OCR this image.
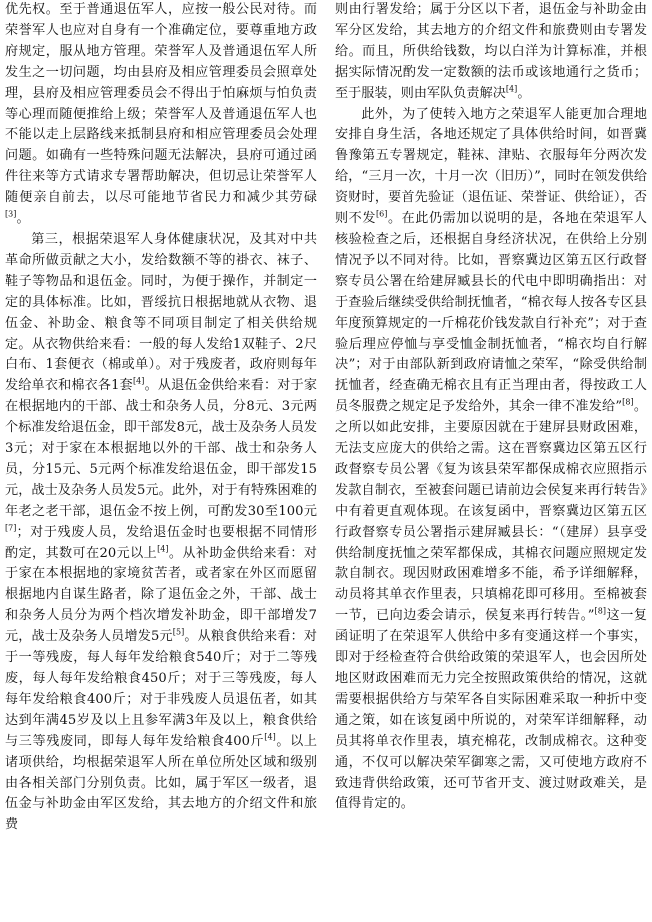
优先权。至于普通退伍军人，应按一般公民对待。而荣誉军人也应对自身有一个准确定位，要尊重地方政府规定，服从地方管理。荣誉军人及普通退伍军人所发生之一切问题，均由县府及相应管理委员会照章处理，县府及相应管理委员会不得出于怕麻烦与怕负责等心理而随便推给上级；荣誉军人及普通退伍军人也不能以走上层路线来抵制县府和相应管理委员会处理问题。如确有一些特殊问题无法解决，县府可通过函件往来等方式请求专署帮助解决，但切忌让荣誉军人随便亲自前去，以尽可能地节省民力和减少其劳碌[3]。

第三，根据荣退军人身体健康状况，及其对中共革命所做贡献之大小，发给数额不等的褂衣、袜子、鞋子等物品和退伍金。同时，为便于操作，并制定一定的具体标准。比如，晋绥抗日根据地就从衣物、退伍金、补助金、粮食等不同项目制定了相关供给规定。从衣物供给来看：一般的每人发给1双鞋子、2尺白布、1套便衣（棉或单）。对于残废者，政府则每年发给单衣和棉衣各1套[4]。从退伍金供给来看：对于家在根据地内的干部、战士和杂务人员，分8元、3元两个标准发给退伍金，即干部发8元，战士及杂务人员发3元；对于家在本根据地以外的干部、战士和杂务人员，分15元、5元两个标准发给退伍金，即干部发15元，战士及杂务人员发5元。此外，对于有特殊困难的年老之老干部，退伍金不按上例，可酌发30至100元[7]；对于残废人员，发给退伍金时也要根据不同情形酌定，其数可在20元以上[4]。从补助金供给来看：对于家在本根据地的家境贫苦者，或者家在外区而愿留根据地内自谋生路者，除了退伍金之外，干部、战士和杂务人员分为两个档次增发补助金，即干部增发7元，战士及杂务人员增发5元[5]。从粮食供给来看：对于一等残废，每人每年发给粮食540斤；对于二等残废，每人每年发给粮食450斤；对于三等残废，每人每年发给粮食400斤；对于非残废人员退伍者，如其达到年满45岁及以上且参军满3年及以上，粮食供给与三等残废同，即每人每年发给粮食400斤[4]。以上诸项供给，均根据荣退军人所在单位所处区域和级别由各相关部门分别负责。比如，属于军区一级者，退伍金与补助金由军区发给，其去地方的介绍文件和旅费

则由行署发给；属于分区以下者，退伍金与补助金由军分区发给，其去地方的介绍文件和旅费则由专署发给。而且，所供给钱数，均以白洋为计算标准，并根据实际情况酌发一定数额的法币或该地通行之货币；至于服装，则由军队负责解决[4]。

此外，为了使转入地方之荣退军人能更加合理地安排自身生活，各地还规定了具体供给时间，如晋冀鲁豫第五专署规定，鞋袜、津贴、衣服每年分两次发给，“三月一次，十月一次（旧历）”，同时在领发供给资财时，要首先验证（退伍证、荣誉证、供给证），否则不发[6]。在此仍需加以说明的是，各地在荣退军人核验检查之后，还根据自身经济状况，在供给上分别情况予以不同对待。比如，晋察冀边区第五区行政督察专员公署在给建屏臧县长的代电中即明确指出：对于查验后继续受供给制抚恤者，“棉衣每人按各专区县年度预算规定的一斤棉花价钱发款自行补充”；对于查验后理应停恤与享受恤金制抚恤者，“棉衣均自行解决”；对于由部队新到政府请恤之荣军，“除受供给制抚恤者，经查确无棉衣且有正当理由者，得按政工人员冬服费之规定足予发给外，其余一律不准发给”[8]。之所以如此安排，主要原因就在于建屏县财政困难，无法支应庞大的供给之需。这在晋察冀边区第五区行政督察专员公署《复为该县荣军都保成棉衣应照指示发款自制衣，至被套问题已请前边会侯复来再行转告》中有着更直观体现。在该复函中，晋察冀边区第五区行政督察专员公署指示建屏臧县长：“（建屏）县享受供给制度抚恤之荣军都保成，其棉衣问题应照规定发款自制衣。现因财政困难增多不能，希予详细解释，动员将其单衣作里表，只填棉花即可移用。至棉被套一节，已向边委会请示，侯复来再行转告。”[8]这一复函证明了在荣退军人供给中多有变通这样一个事实，即对于经检查符合供给政策的荣退军人，也会因所处地区财政困难而无力完全按照政策供给的情况，这就需要根据供给方与荣军各自实际困难采取一种折中变通之策，如在该复函中所说的，对荣军详细解释，动员其将单衣作里表，填充棉花，改制成棉衣。这种变通，不仅可以解决荣军御寒之需，又可使地方政府不致违背供给政策，还可节省开支、渡过财政难关，是值得肯定的。
